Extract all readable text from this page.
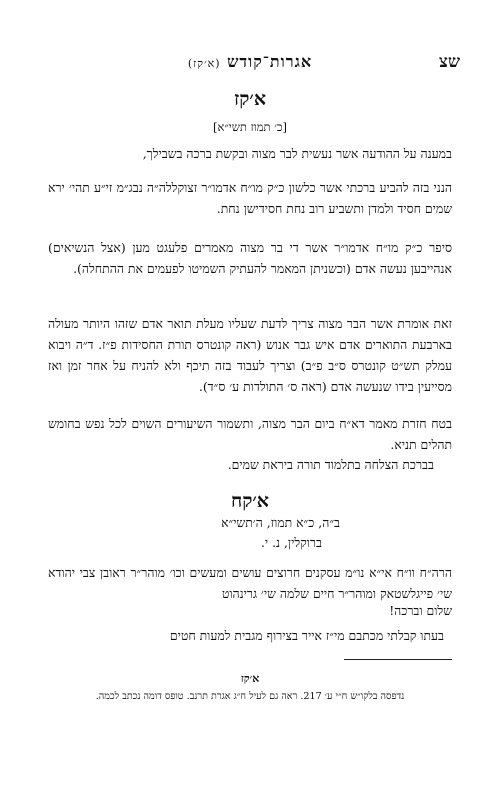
שצ
אגרות־קודש (א׳קז)
א׳קז
[כ׳ תמוז תשי״א]
במענה על ההודעה אשר נעשית לבר מצוה ובקשת ברכה בשבילך,
הנני בזה להביע ברכתי אשר כלשון כ״ק מו״ח אדמו״ר זצוקללה״ה נבג״מ זי״ע תהי׳ ירא שמים חסיד ולמדן ותשביע רוב נחת חסידישן נחת.
סיפר כ״ק מו״ח אדמו״ר אשר די בר מצוה מאמרים פלעגט מען (אצל הנשיאים) אנהייבען נעשה אדם (וכשניתן המאמר להעתיק השמיטו לפעמים את ההתחלה).
זאת אומרת אשר הבר מצוה צריך לדעת שעליו מעלת תואר אדם שזהו היותר מעולה בארבעת התוארים אדם איש גבר אנוש (ראה קונטרס תורת החסידות פ״ז. ד״ה ויבוא עמלק תש״ט קונטרס ס״ב פ״ב) וצריך לעבוד בזה תיכף ולא להניח על אחר זמן ואז מסייעין בידו שנעשה אדם (ראה ס׳ התולדות ע׳ ס״ד).
בטח חזרת מאמר דא״ח ביום הבר מצוה, ותשמור השיעורים השוים לכל נפש בחומש תהלים תניא.
בברכת הצלחה בתלמוד תורה ביראת שמים.
א׳קח
ב״ה, כ״א תמוז, ה׳תשי״א
ברוקלין, נ. י.
הרה״ח וו״ח אי״א נו״מ עסקנים חרוצים עושים ומעשים וכו׳ מוהר״ר ראובן צבי יהודא שי׳ פייגלשטאק ומוהר״ר חיים שלמה שי׳ גרינהוט
שלום וברכה!
בעתו קבלתי מכתבם מי״ז אייר בצירוף מגבית למעות חטים
א׳קז
נדפסה בלקו״ש ח״י ע׳ 217. ראה גם לעיל ח״ג אגרת תרנב. טופס דומה נכתב לכמה.
